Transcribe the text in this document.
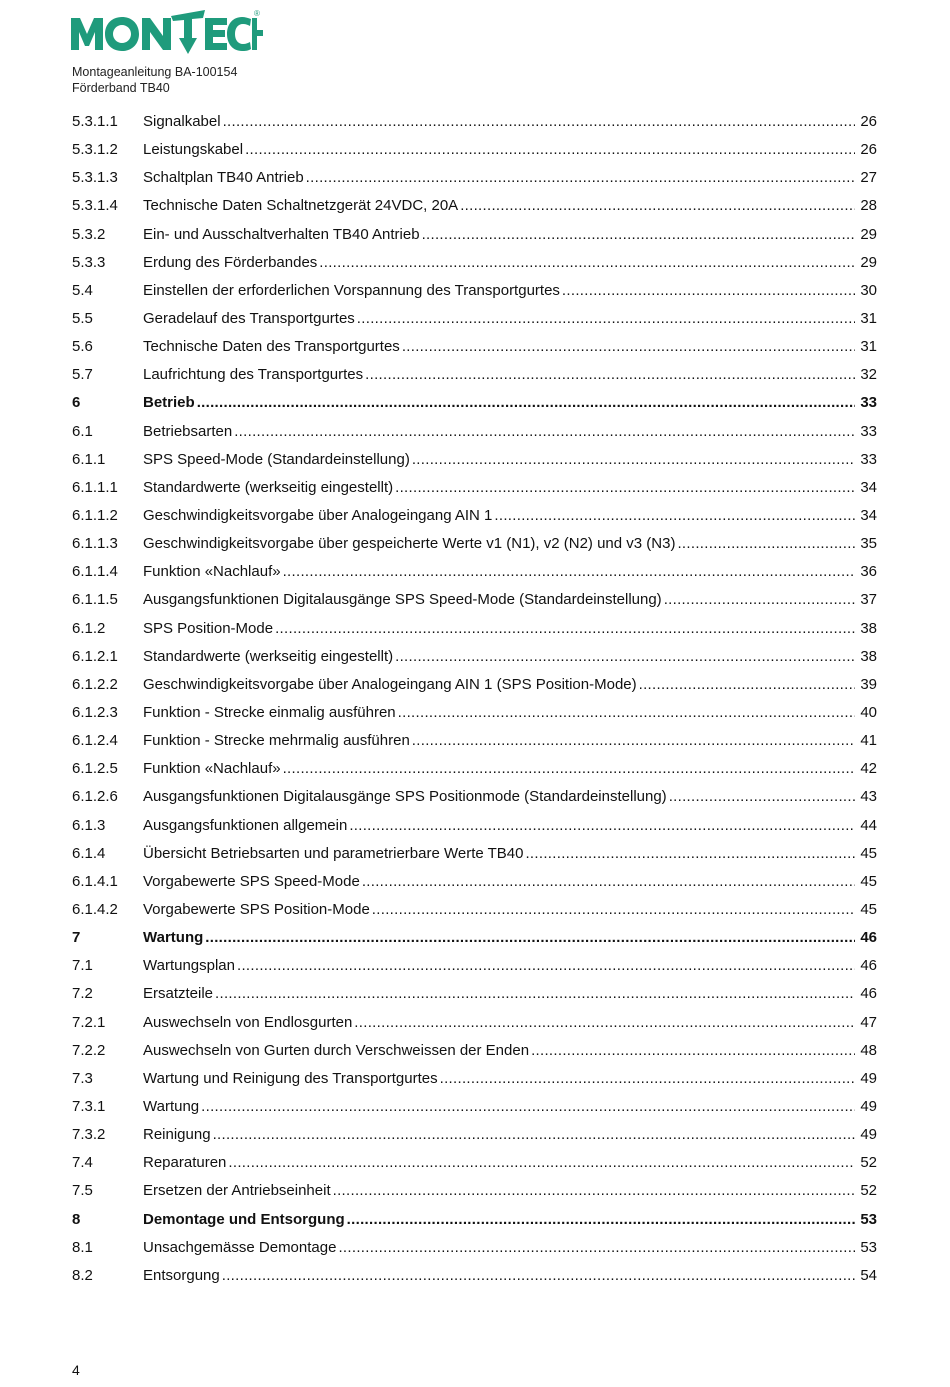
®
Montageanleitung BA-100154
Förderband TB40
5.3.1.1	Signalkabel .....	26
5.3.1.2	Leistungskabel .....	26
5.3.1.3	Schaltplan TB40 Antrieb .....	27
5.3.1.4	Technische Daten Schaltnetzgerät 24VDC, 20A .....	28
5.3.2	Ein- und Ausschaltverhalten TB40 Antrieb .....	29
5.3.3	Erdung des Förderbandes .....	29
5.4	Einstellen der erforderlichen Vorspannung des Transportgurtes .....	30
5.5	Geradelauf des Transportgurtes .....	31
5.6	Technische Daten des Transportgurtes .....	31
5.7	Laufrichtung des Transportgurtes .....	32
6	Betrieb .....	33
6.1	Betriebsarten .....	33
6.1.1	SPS Speed-Mode (Standardeinstellung) .....	33
6.1.1.1	Standardwerte (werkseitig eingestellt) .....	34
6.1.1.2	Geschwindigkeitsvorgabe über Analogeingang AIN 1 .....	34
6.1.1.3	Geschwindigkeitsvorgabe über gespeicherte Werte v1 (N1), v2 (N2) und v3 (N3) .....	35
6.1.1.4	Funktion «Nachlauf» .....	36
6.1.1.5	Ausgangsfunktionen Digitalausgänge SPS Speed-Mode (Standardeinstellung) .....	37
6.1.2	SPS Position-Mode .....	38
6.1.2.1	Standardwerte (werkseitig eingestellt) .....	38
6.1.2.2	Geschwindigkeitsvorgabe über Analogeingang AIN 1 (SPS Position-Mode) .....	39
6.1.2.3	Funktion - Strecke einmalig ausführen .....	40
6.1.2.4	Funktion - Strecke mehrmalig ausführen .....	41
6.1.2.5	Funktion «Nachlauf» .....	42
6.1.2.6	Ausgangsfunktionen Digitalausgänge SPS Positionmode (Standardeinstellung) .....	43
6.1.3	Ausgangsfunktionen allgemein .....	44
6.1.4	Übersicht Betriebsarten und parametrierbare Werte TB40 .....	45
6.1.4.1	Vorgabewerte SPS Speed-Mode .....	45
6.1.4.2	Vorgabewerte SPS Position-Mode .....	45
7	Wartung .....	46
7.1	Wartungsplan .....	46
7.2	Ersatzteile .....	46
7.2.1	Auswechseln von Endlosgurten .....	47
7.2.2	Auswechseln von Gurten durch Verschweissen der Enden .....	48
7.3	Wartung und Reinigung des Transportgurtes .....	49
7.3.1	Wartung .....	49
7.3.2	Reinigung .....	49
7.4	Reparaturen .....	52
7.5	Ersetzen der Antriebseinheit .....	52
8	Demontage und Entsorgung .....	53
8.1	Unsachgemässe Demontage .....	53
8.2	Entsorgung .....	54
4
